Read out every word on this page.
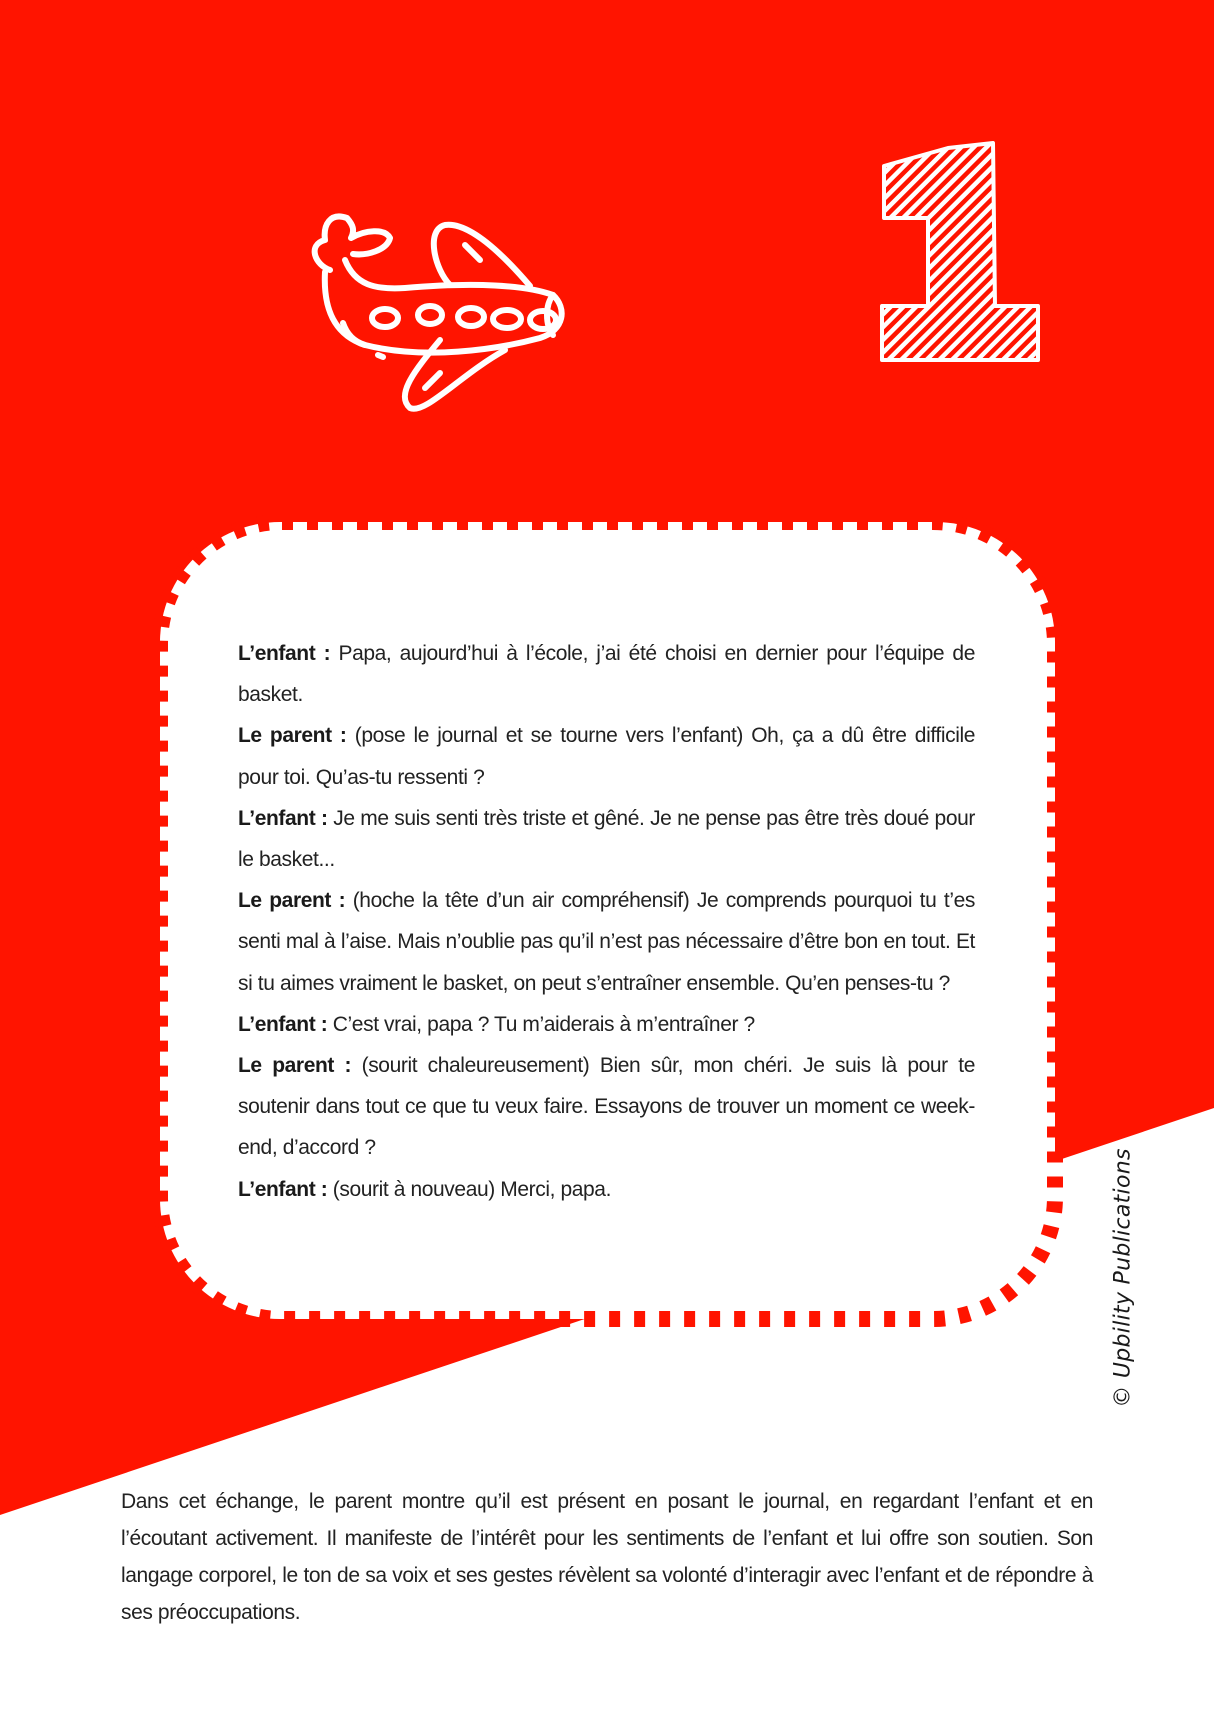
L’enfant : Papa, aujourd’hui à l’école, j’ai été choisi en dernier pour l’équipe de basket.

Le parent : (pose le journal et se tourne vers l’enfant) Oh, ça a dû être difficile pour toi. Qu’as-tu ressenti ?

L’enfant : Je me suis senti très triste et gêné. Je ne pense pas être très doué pour le basket...

Le parent : (hoche la tête d’un air compréhensif) Je comprends pourquoi tu t’es senti mal à l’aise. Mais n’oublie pas qu’il n’est pas nécessaire d’être bon en tout. Et si tu aimes vraiment le basket, on peut s’entraîner ensemble. Qu’en penses-tu ?

L’enfant : C’est vrai, papa ? Tu m’aiderais à m’entraîner ?

Le parent : (sourit chaleureusement) Bien sûr, mon chéri. Je suis là pour te soutenir dans tout ce que tu veux faire. Essayons de trouver un moment ce week-end, d’accord ?

L’enfant : (sourit à nouveau) Merci, papa.	© Upbility Publications

Dans cet échange, le parent montre qu’il est présent en posant le journal, en regardant l’enfant et en l’écoutant activement. Il manifeste de l’intérêt pour les sentiments de l’enfant et lui offre son soutien. Son langage corporel, le ton de sa voix et ses gestes révèlent sa volonté d’interagir avec l’enfant et de répondre à ses préoccupations.
